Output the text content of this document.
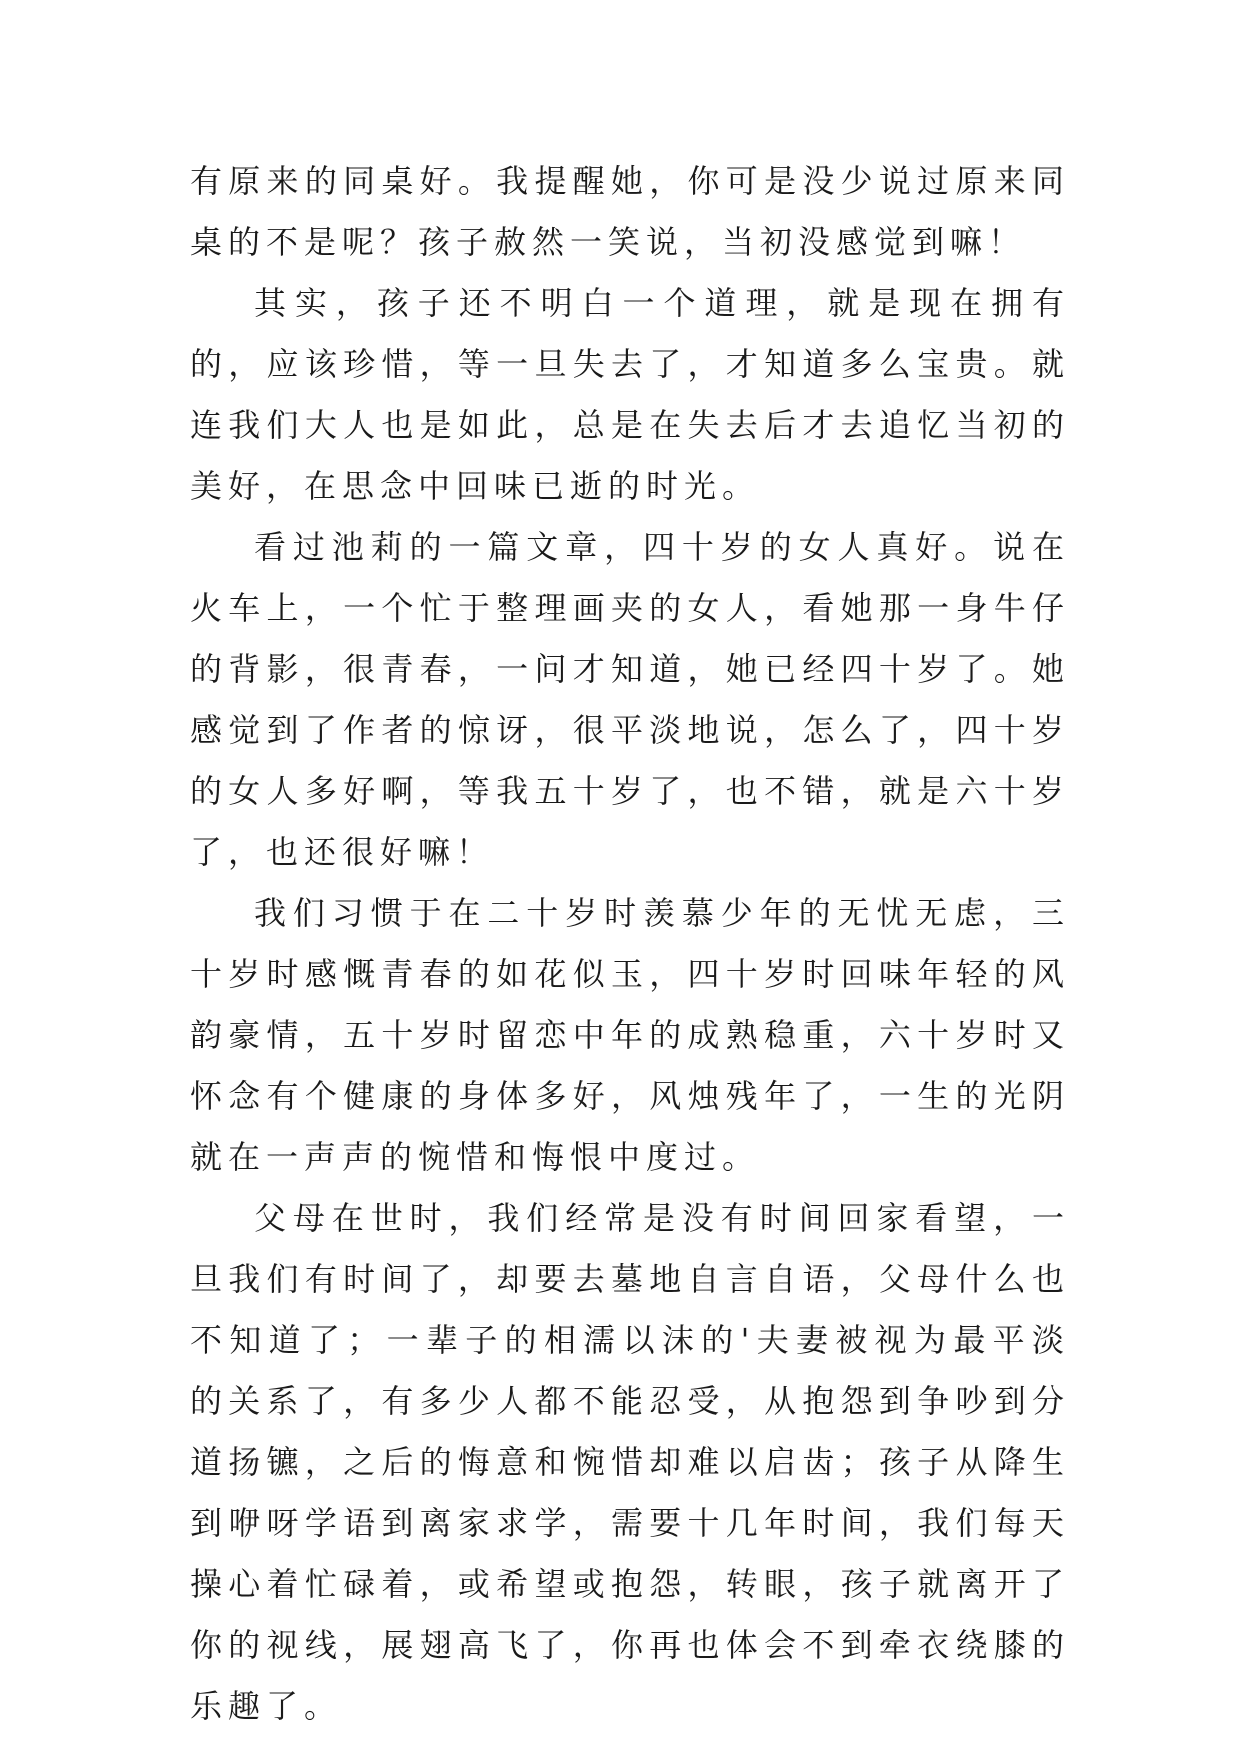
有原来的同桌好。我提醒她，你可是没少说过原来同桌的不是呢？孩子赦然一笑说，当初没感觉到嘛！

其实，孩子还不明白一个道理，就是现在拥有的，应该珍惜，等一旦失去了，才知道多么宝贵。就连我们大人也是如此，总是在失去后才去追忆当初的美好，在思念中回味已逝的时光。

看过池莉的一篇文章，四十岁的女人真好。说在火车上，一个忙于整理画夹的女人，看她那一身牛仔的背影，很青春，一问才知道，她已经四十岁了。她感觉到了作者的惊讶，很平淡地说，怎么了，四十岁的女人多好啊，等我五十岁了，也不错，就是六十岁了，也还很好嘛！

我们习惯于在二十岁时羡慕少年的无忧无虑，三十岁时感慨青春的如花似玉，四十岁时回味年轻的风韵豪情，五十岁时留恋中年的成熟稳重，六十岁时又怀念有个健康的身体多好，风烛残年了，一生的光阴就在一声声的惋惜和悔恨中度过。

父母在世时，我们经常是没有时间回家看望，一旦我们有时间了，却要去墓地自言自语，父母什么也不知道了；一辈子的相濡以沫的'夫妻被视为最平淡的关系了，有多少人都不能忍受，从抱怨到争吵到分道扬镳，之后的悔意和惋惜却难以启齿；孩子从降生到咿呀学语到离家求学，需要十几年时间，我们每天操心着忙碌着，或希望或抱怨，转眼，孩子就离开了你的视线，展翅高飞了，你再也体会不到牵衣绕膝的乐趣了。
